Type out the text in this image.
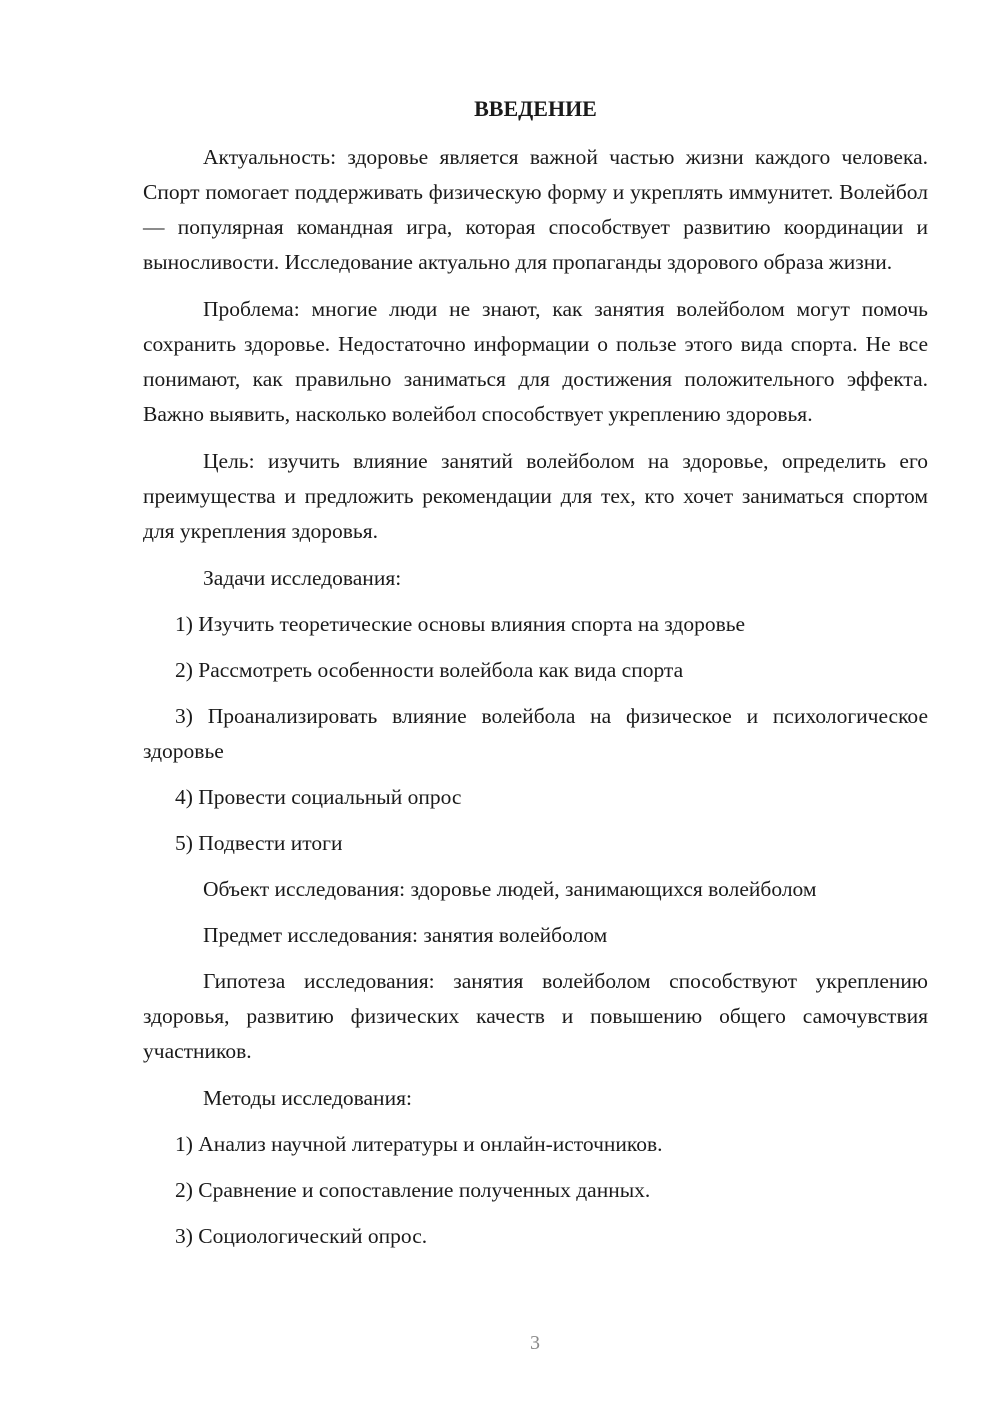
ВВЕДЕНИЕ

Актуальность: здоровье является важной частью жизни каждого человека. Спорт помогает поддерживать физическую форму и укреплять иммунитет. Волейбол — популярная командная игра, которая способствует развитию координации и выносливости. Исследование актуально для пропаганды здорового образа жизни.

Проблема: многие люди не знают, как занятия волейболом могут помочь сохранить здоровье. Недостаточно информации о пользе этого вида спорта. Не все понимают, как правильно заниматься для достижения положительного эффекта. Важно выявить, насколько волейбол способствует укреплению здоровья.

Цель: изучить влияние занятий волейболом на здоровье, определить его преимущества и предложить рекомендации для тех, кто хочет заниматься спортом для укрепления здоровья.

Задачи исследования:
1) Изучить теоретические основы влияния спорта на здоровье
2) Рассмотреть особенности волейбола как вида спорта

3) Проанализировать влияние волейбола на физическое и психологическое здоровье

4) Провести социальный опрос
5) Подвести итоги
Объект исследования: здоровье людей, занимающихся волейболом
Предмет исследования: занятия волейболом

Гипотеза исследования: занятия волейболом способствуют укреплению здоровья, развитию физических качеств и повышению общего самочувствия участников.

Методы исследования:
1) Анализ научной литературы и онлайн-источников.
2) Сравнение и сопоставление полученных данных.
3) Социологический опрос.
3
